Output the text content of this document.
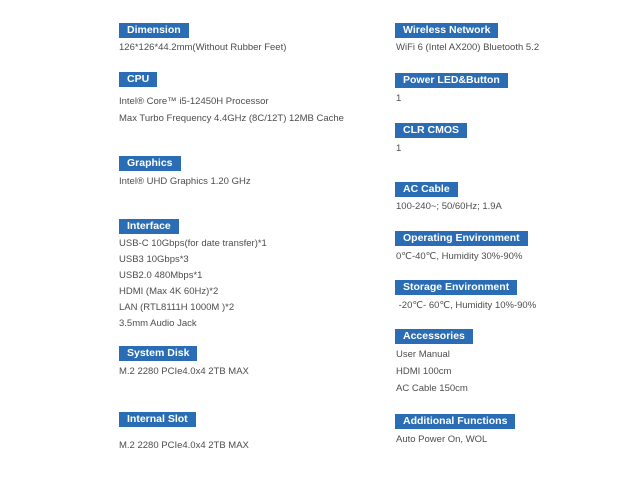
Dimension
126*126*44.2mm(Without Rubber Feet)
CPU
Intel® Core™ i5-12450H Processor
Max Turbo Frequency 4.4GHz (8C/12T) 12MB Cache
Graphics
Intel® UHD Graphics 1.20 GHz
Interface
USB-C 10Gbps(for date transfer)*1
USB3 10Gbps*3
USB2.0 480Mbps*1
HDMI (Max 4K 60Hz)*2
LAN (RTL8111H 1000M )*2
3.5mm Audio Jack
System Disk
M.2 2280 PCIe4.0x4 2TB MAX
Internal Slot
M.2 2280 PCIe4.0x4 2TB MAX
Wireless Network
WiFi 6 (Intel AX200) Bluetooth 5.2
Power LED&Button
1
CLR CMOS
1
AC Cable
100-240~; 50/60Hz; 1.9A
Operating Environment
0℃-40℃, Humidity 30%-90%
Storage Environment
-20℃- 60℃, Humidity 10%-90%
Accessories
User Manual
HDMI 100cm
AC Cable 150cm
Additional Functions
Auto Power On, WOL
